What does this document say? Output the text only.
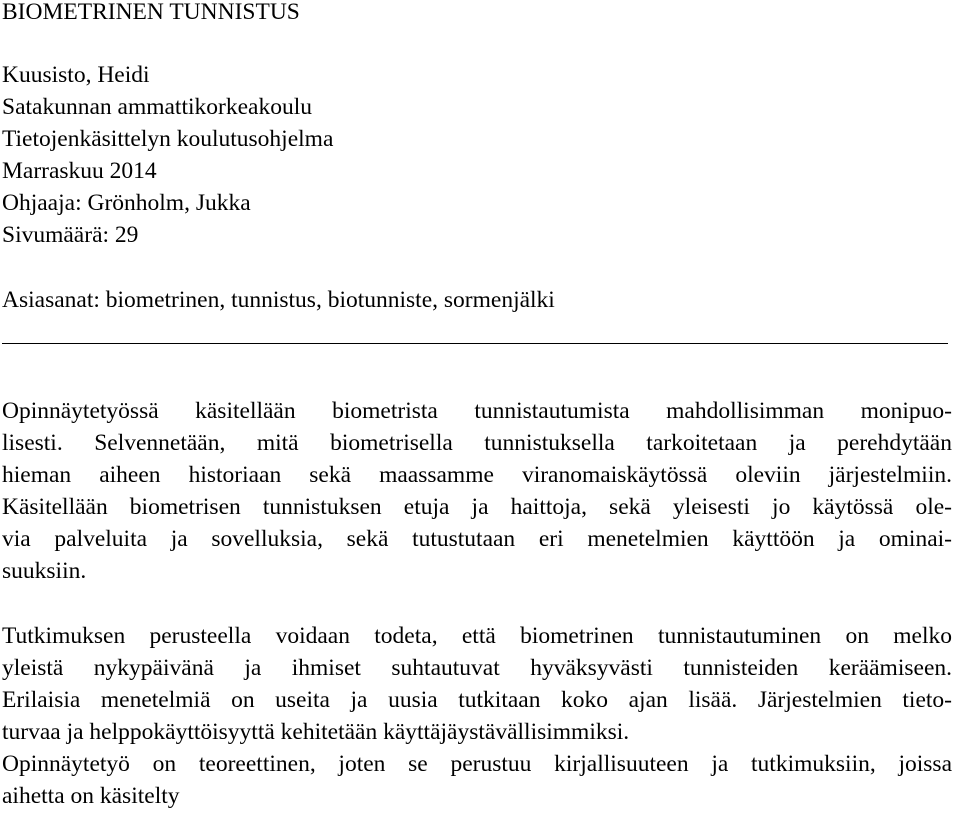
BIOMETRINEN TUNNISTUS
Kuusisto, Heidi
Satakunnan ammattikorkeakoulu
Tietojenkäsittelyn koulutusohjelma
Marraskuu 2014
Ohjaaja: Grönholm, Jukka
Sivumäärä: 29
Asiasanat: biometrinen, tunnistus, biotunniste, sormenjälki
Opinnäytetyössä käsitellään biometrista tunnistautumista mahdollisimman monipuo-
lisesti. Selvennetään, mitä biometrisella tunnistuksella tarkoitetaan ja perehdytään
hieman aiheen historiaan sekä maassamme viranomaiskäytössä oleviin järjestelmiin.
Käsitellään biometrisen tunnistuksen etuja ja haittoja, sekä yleisesti jo käytössä ole-
via palveluita ja sovelluksia, sekä tutustutaan eri menetelmien käyttöön ja ominai-
suuksiin.
Tutkimuksen perusteella voidaan todeta, että biometrinen tunnistautuminen on melko
yleistä nykypäivänä ja ihmiset suhtautuvat hyväksyvästi tunnisteiden keräämiseen.
Erilaisia menetelmiä on useita ja uusia tutkitaan koko ajan lisää. Järjestelmien tieto-
turvaa ja helppokäyttöisyyttä kehitetään käyttäjäystävällisimmiksi.
Opinnäytetyö on teoreettinen, joten se perustuu kirjallisuuteen ja tutkimuksiin, joissa
aihetta on käsitelty
